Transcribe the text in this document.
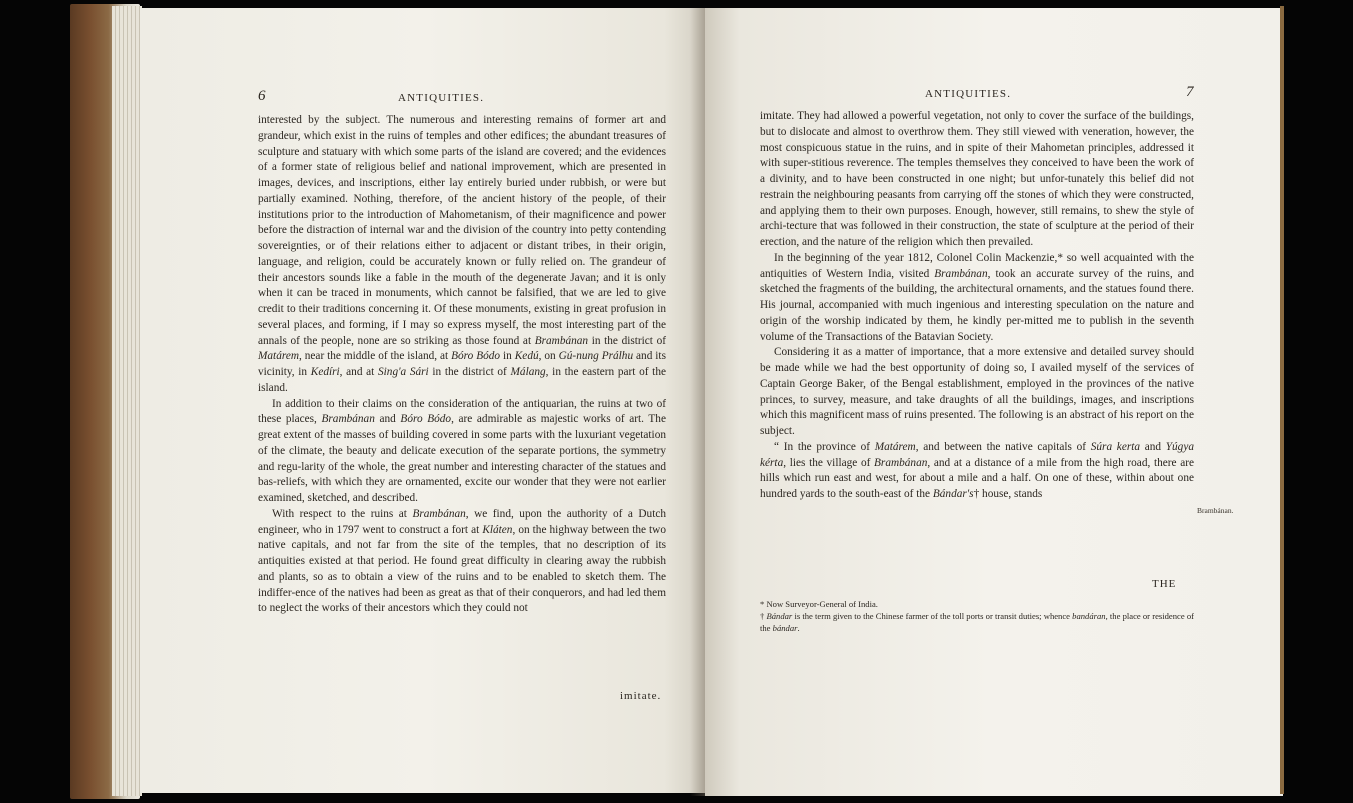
6	ANTIQUITIES.

interested by the subject. The numerous and interesting remains of former art and grandeur, which exist in the ruins of temples and other edifices; the abundant treasures of sculpture and statuary with which some parts of the island are covered; and the evidences of a former state of religious belief and national improvement, which are presented in images, devices, and inscriptions, either lay entirely buried under rubbish, or were but partially examined. Nothing, therefore, of the ancient history of the people, of their institutions prior to the introduction of Mahometanism, of their magnificence and power before the distraction of internal war and the division of the country into petty contending sovereignties, or of their relations either to adjacent or distant tribes, in their origin, language, and religion, could be accurately known or fully relied on. The grandeur of their ancestors sounds like a fable in the mouth of the degenerate Javan; and it is only when it can be traced in monuments, which cannot be falsified, that we are led to give credit to their traditions concerning it. Of these monuments, existing in great profusion in several places, and forming, if I may so express myself, the most interesting part of the annals of the people, none are so striking as those found at Brambánan in the district of Matárem, near the middle of the island, at Bóro Bódo in Kedú, on Gú-nung Prálhu and its vicinity, in Kedíri, and at Sing'a Sári in the district of Málang, in the eastern part of the island.

In addition to their claims on the consideration of the antiquarian, the ruins at two of these places, Brambánan and Bóro Bódo, are admirable as majestic works of art. The great extent of the masses of building covered in some parts with the luxuriant vegetation of the climate, the beauty and delicate execution of the separate portions, the symmetry and regu-larity of the whole, the great number and interesting character of the statues and bas-reliefs, with which they are ornamented, excite our wonder that they were not earlier examined, sketched, and described.

With respect to the ruins at Brambánan, we find, upon the authority of a Dutch engineer, who in 1797 went to construct a fort at Kláten, on the highway between the two native capitals, and not far from the site of the temples, that no description of its antiquities existed at that period. He found great difficulty in clearing away the rubbish and plants, so as to obtain a view of the ruins and to be enabled to sketch them. The indiffer-ence of the natives had been as great as that of their conquerors, and had led them to neglect the works of their ancestors which they could not

imitate.
ANTIQUITIES.	7

imitate. They had allowed a powerful vegetation, not only to cover the surface of the buildings, but to dislocate and almost to overthrow them. They still viewed with veneration, however, the most conspicuous statue in the ruins, and in spite of their Mahometan principles, addressed it with super-stitious reverence. The temples themselves they conceived to have been the work of a divinity, and to have been constructed in one night; but unfor-tunately this belief did not restrain the neighbouring peasants from carrying off the stones of which they were constructed, and applying them to their own purposes. Enough, however, still remains, to shew the style of archi-tecture that was followed in their construction, the state of sculpture at the period of their erection, and the nature of the religion which then prevailed.

In the beginning of the year 1812, Colonel Colin Mackenzie,* so well acquainted with the antiquities of Western India, visited Brambánan, took an accurate survey of the ruins, and sketched the fragments of the building, the architectural ornaments, and the statues found there. His journal, accompanied with much ingenious and interesting speculation on the nature and origin of the worship indicated by them, he kindly per-mitted me to publish in the seventh volume of the Transactions of the Batavian Society.

Considering it as a matter of importance, that a more extensive and detailed survey should be made while we had the best opportunity of doing so, I availed myself of the services of Captain George Baker, of the Bengal establishment, employed in the provinces of the native princes, to survey, measure, and take draughts of all the buildings, images, and inscriptions which this magnificent mass of ruins presented. The following is an abstract of his report on the subject.

“ In the province of Matárem, and between the native capitals of Súra kerta and Yúgya kérta, lies the village of Brambánan, and at a distance of a mile from the high road, there are hills which run east and west, for about a mile and a half. On one of these, within about one hundred yards to the south-east of the Bándar's† house, stands

Brambánan.
THE

* Now Surveyor-General of India.

† Bándar is the term given to the Chinese farmer of the toll ports or transit duties; whence bandáran, the place or residence of the bándar.
